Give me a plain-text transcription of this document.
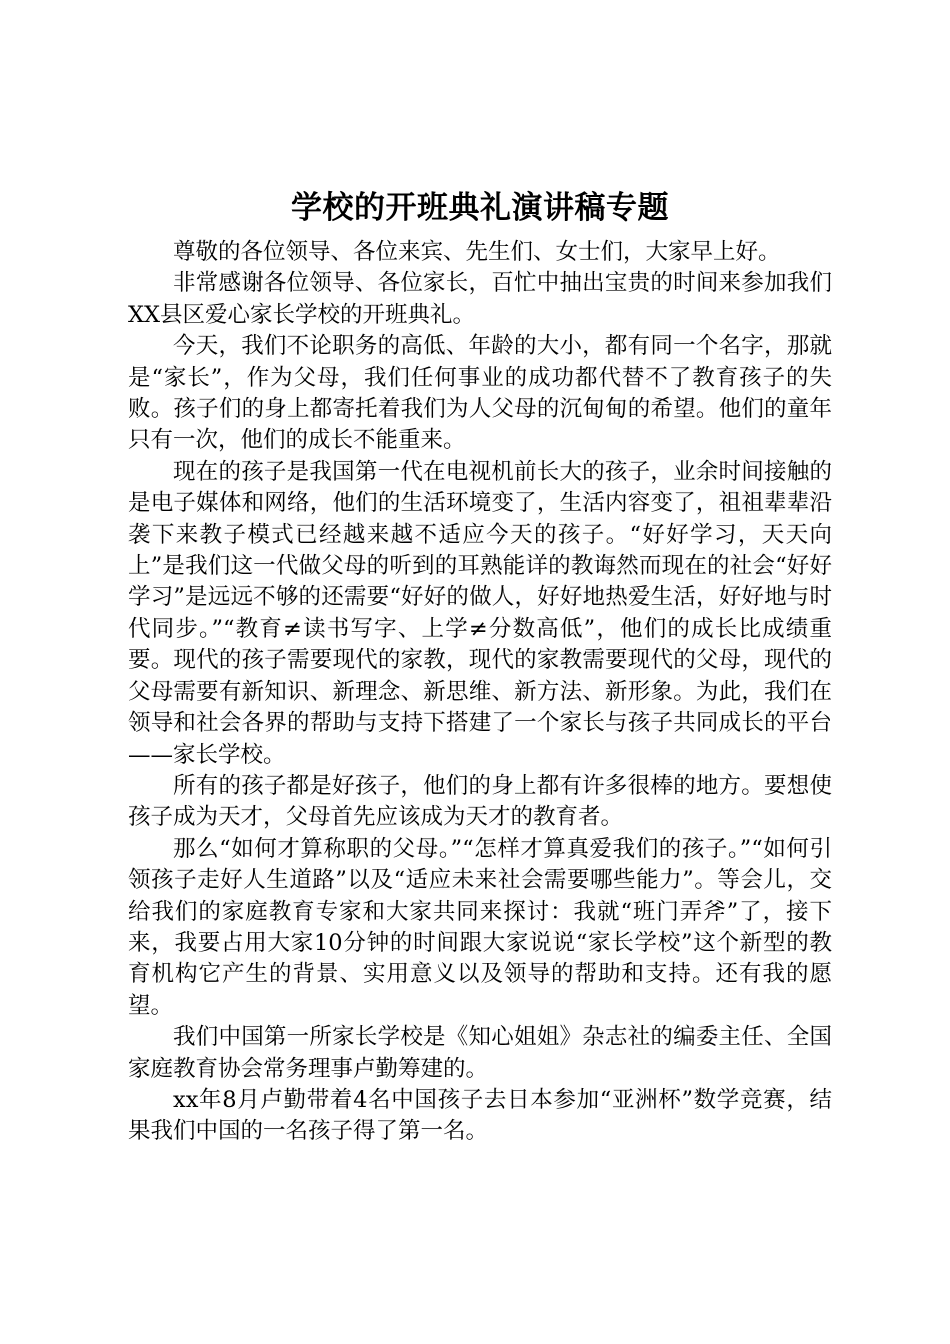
学校的开班典礼演讲稿专题

尊敬的各位领导、各位来宾、先生们、女士们，大家早上好。

非常感谢各位领导、各位家长，百忙中抽出宝贵的时间来参加我们XX县区爱心家长学校的开班典礼。

今天，我们不论职务的高低、年龄的大小，都有同一个名字，那就是“家长”，作为父母，我们任何事业的成功都代替不了教育孩子的失败。孩子们的身上都寄托着我们为人父母的沉甸甸的希望。他们的童年只有一次，他们的成长不能重来。

现在的孩子是我国第一代在电视机前长大的孩子，业余时间接触的是电子媒体和网络，他们的生活环境变了，生活内容变了，祖祖辈辈沿袭下来教子模式已经越来越不适应今天的孩子。“好好学习，天天向上”是我们这一代做父母的听到的耳熟能详的教诲然而现在的社会“好好学习”是远远不够的还需要“好好的做人，好好地热爱生活，好好地与时代同步。”“教育≠读书写字、上学≠分数高低”，他们的成长比成绩重要。现代的孩子需要现代的家教，现代的家教需要现代的父母，现代的父母需要有新知识、新理念、新思维、新方法、新形象。为此，我们在领导和社会各界的帮助与支持下搭建了一个家长与孩子共同成长的平台——家长学校。

所有的孩子都是好孩子，他们的身上都有许多很棒的地方。要想使孩子成为天才，父母首先应该成为天才的教育者。

那么“如何才算称职的父母。”“怎样才算真爱我们的孩子。”“如何引领孩子走好人生道路”以及“适应未来社会需要哪些能力”。等会儿，交给我们的家庭教育专家和大家共同来探讨：我就“班门弄斧”了，接下来，我要占用大家10分钟的时间跟大家说说“家长学校”这个新型的教育机构它产生的背景、实用意义以及领导的帮助和支持。还有我的愿望。

我们中国第一所家长学校是《知心姐姐》杂志社的编委主任、全国家庭教育协会常务理事卢勤筹建的。

xx年8月卢勤带着4名中国孩子去日本参加“亚洲杯”数学竞赛，结果我们中国的一名孩子得了第一名。
